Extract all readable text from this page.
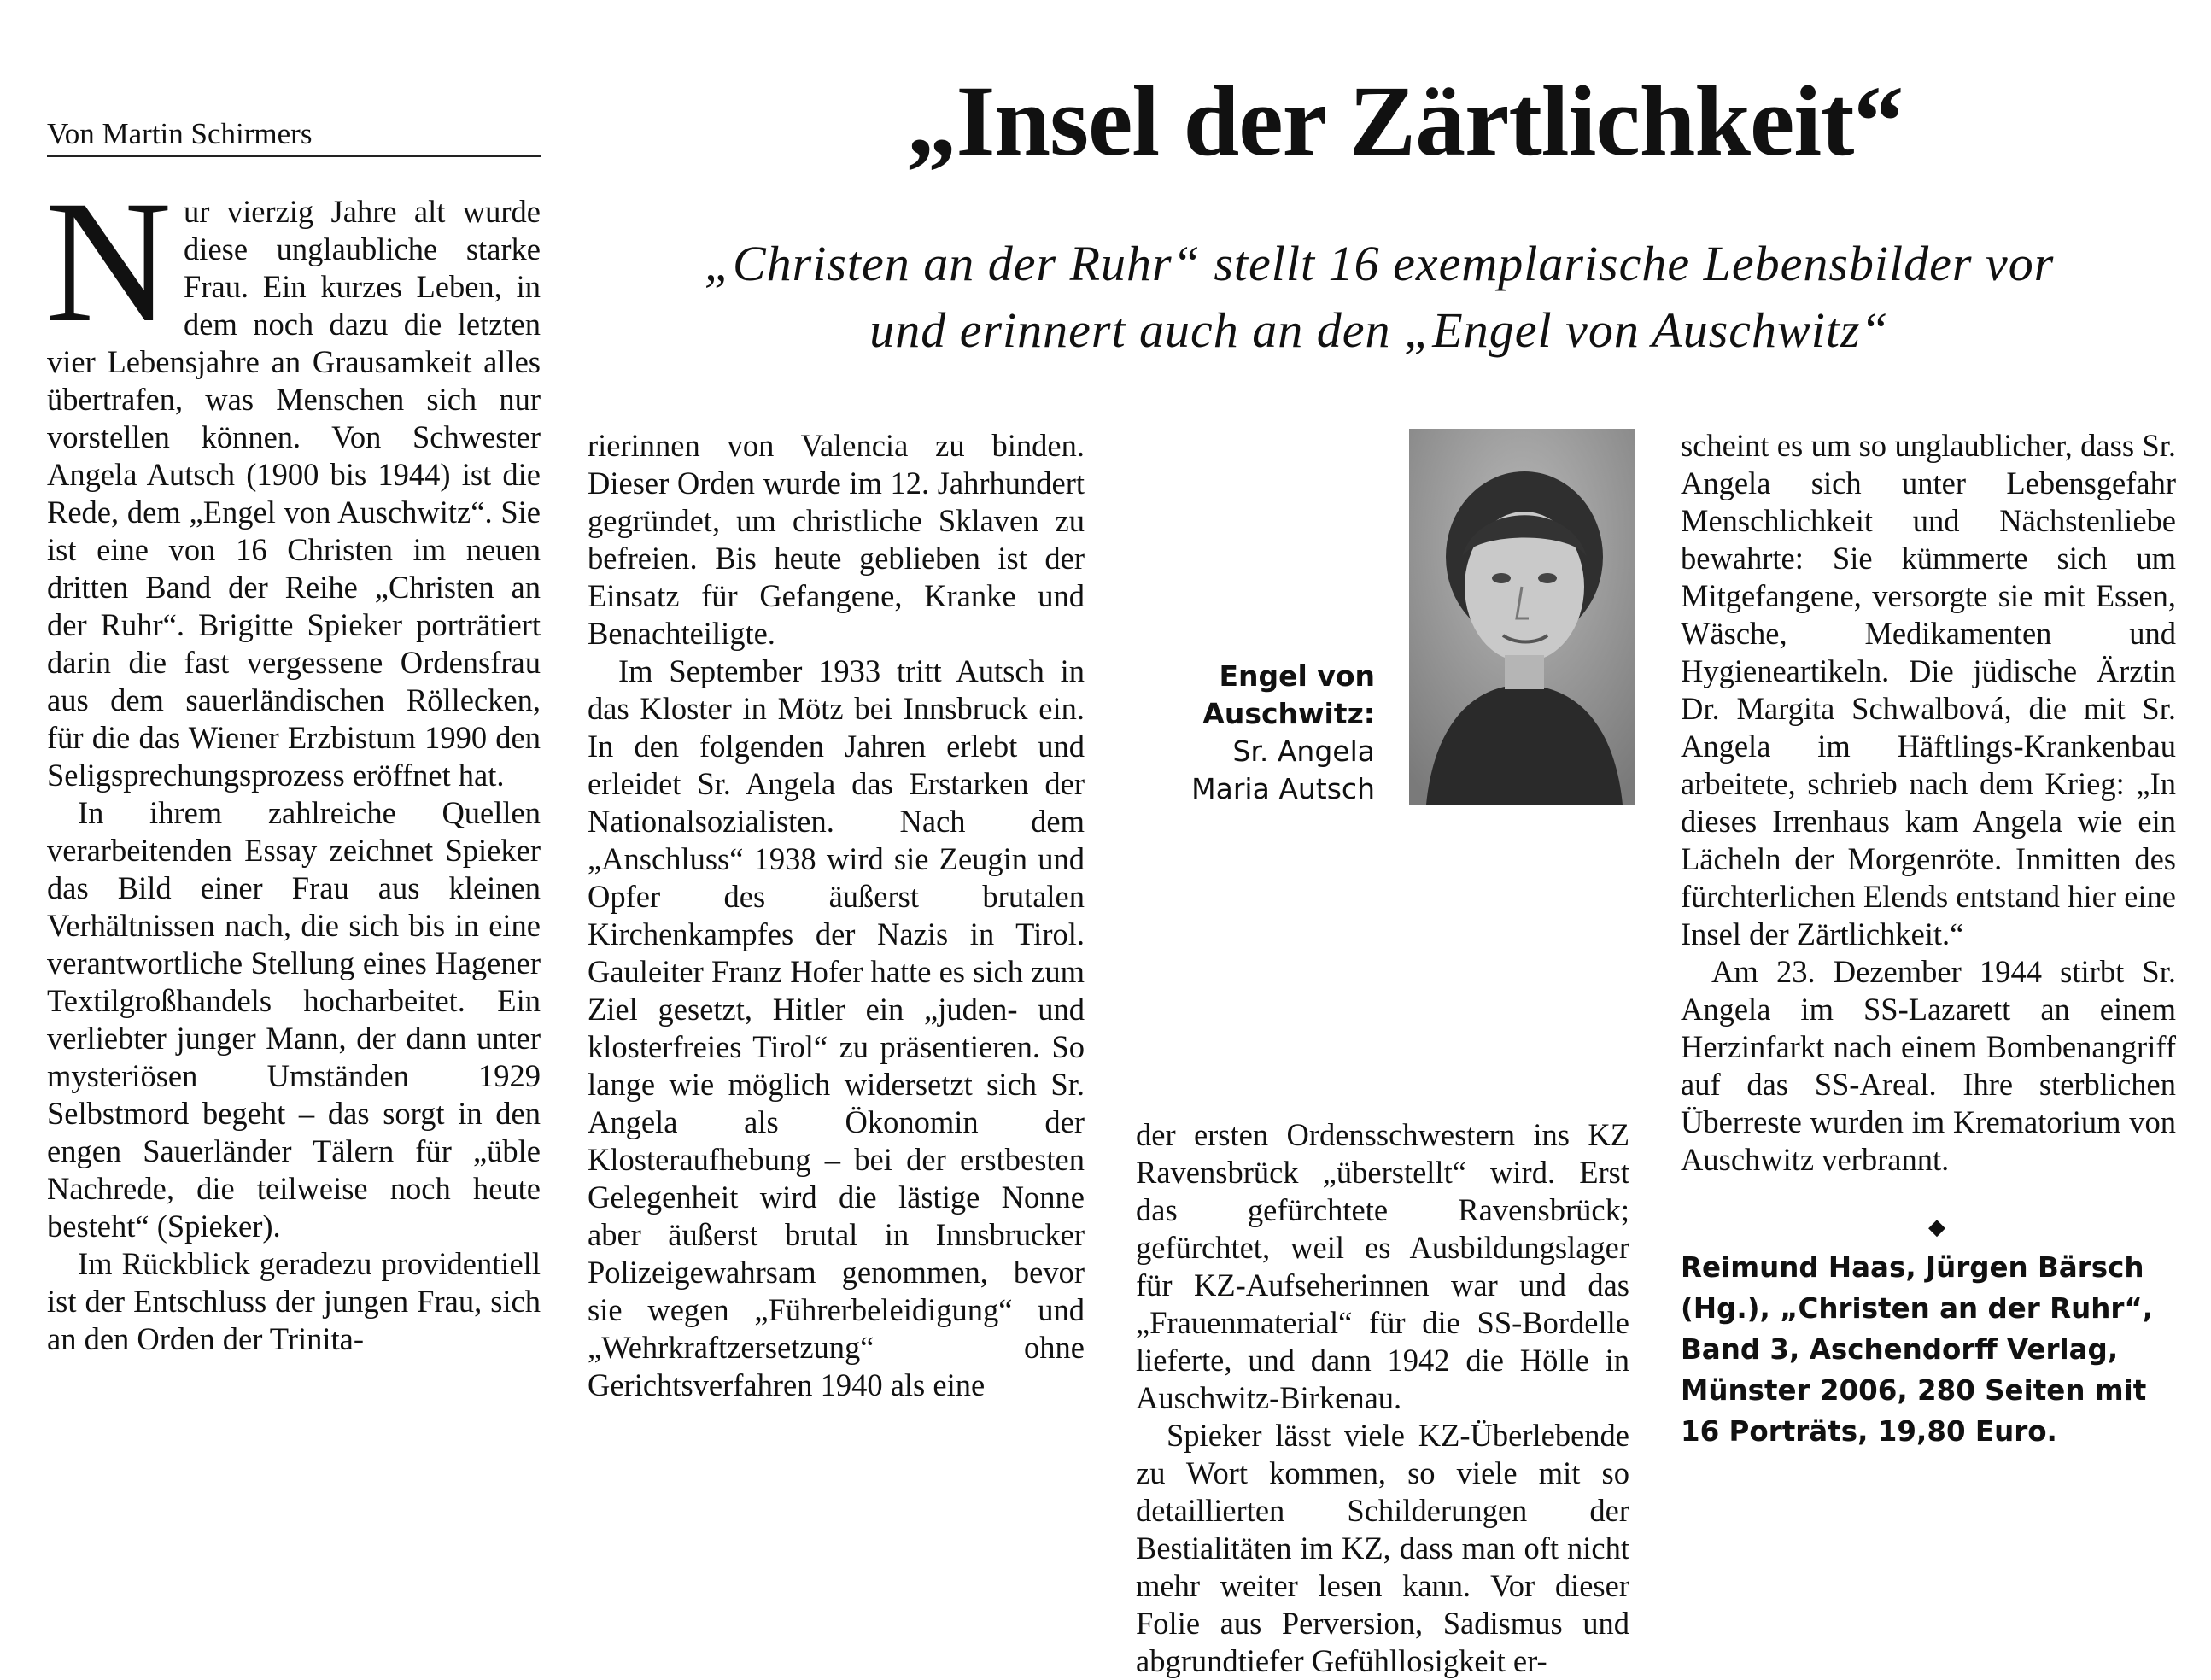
Von Martin Schirmers	„Insel der Zärtlichkeit“
„Christen an der Ruhr“ stellt 16 exemplarische Lebensbilder vor
und erinnert auch an den „Engel von Auschwitz“

Nur vierzig Jahre alt wurde diese unglaubliche starke Frau. Ein kurzes Leben, in dem noch dazu die letzten vier Lebensjahre an Grausamkeit alles übertrafen, was Menschen sich nur vorstellen können. Von Schwester Angela Autsch (1900 bis 1944) ist die Rede, dem „Engel von Auschwitz“. Sie ist eine von 16 Christen im neuen dritten Band der Reihe „Christen an der Ruhr“. Brigitte Spieker porträtiert darin die fast vergessene Ordensfrau aus dem sauerländischen Röllecken, für die das Wiener Erzbistum 1990 den Seligsprechungsprozess eröffnet hat.

In ihrem zahlreiche Quellen verarbeitenden Essay zeichnet Spieker das Bild einer Frau aus kleinen Verhältnissen nach, die sich bis in eine verantwortliche Stellung eines Hagener Textilgroßhandels hocharbeitet. Ein verliebter junger Mann, der dann unter mysteriösen Umständen 1929 Selbstmord begeht – das sorgt in den engen Sauerländer Tälern für „üble Nachrede, die teilweise noch heute besteht“ (Spieker).

Im Rückblick geradezu providentiell ist der Entschluss der jungen Frau, sich an den Orden der Trinita-

rierinnen von Valencia zu binden. Dieser Orden wurde im 12. Jahrhundert gegründet, um christliche Sklaven zu befreien. Bis heute geblieben ist der Einsatz für Gefangene, Kranke und Benachteiligte.

Im September 1933 tritt Autsch in das Kloster in Mötz bei Innsbruck ein. In den folgenden Jahren erlebt und erleidet Sr. Angela das Erstarken der Nationalsozialisten. Nach dem „Anschluss“ 1938 wird sie Zeugin und Opfer des äußerst brutalen Kirchenkampfes der Nazis in Tirol. Gauleiter Franz Hofer hatte es sich zum Ziel gesetzt, Hitler ein „juden- und klosterfreies Tirol“ zu präsentieren. So lange wie möglich widersetzt sich Sr. Angela als Ökonomin der Klosteraufhebung – bei der erstbesten Gelegenheit wird die lästige Nonne aber äußerst brutal in Innsbrucker Polizeigewahrsam genommen, bevor sie wegen „Führerbeleidigung“ und „Wehrkraftzersetzung“ ohne Gerichtsverfahren 1940 als eine

Engel von
Auschwitz:
Sr. Angela
Maria Autsch

der ersten Ordensschwestern ins KZ Ravensbrück „überstellt“ wird. Erst das gefürchtete Ravensbrück; gefürchtet, weil es Ausbildungslager für KZ-Aufseherinnen war und das „Frauenmaterial“ für die SS-Bordelle lieferte, und dann 1942 die Hölle in Auschwitz-Birkenau.

Spieker lässt viele KZ-Überlebende zu Wort kommen, so viele mit so detaillierten Schilderungen der Bestialitäten im KZ, dass man oft nicht mehr weiter lesen kann. Vor dieser Folie aus Perversion, Sadismus und abgrundtiefer Gefühllosigkeit er-

scheint es um so unglaublicher, dass Sr. Angela sich unter Lebensgefahr Menschlichkeit und Nächstenliebe bewahrte: Sie kümmerte sich um Mitgefangene, versorgte sie mit Essen, Wäsche, Medikamenten und Hygieneartikeln. Die jüdische Ärztin Dr. Margita Schwalbová, die mit Sr. Angela im Häftlings-Krankenbau arbeitete, schrieb nach dem Krieg: „In dieses Irrenhaus kam Angela wie ein Lächeln der Morgenröte. Inmitten des fürchterlichen Elends entstand hier eine Insel der Zärtlichkeit.“

Am 23. Dezember 1944 stirbt Sr. Angela im SS-Lazarett an einem Herzinfarkt nach einem Bombenangriff auf das SS-Areal. Ihre sterblichen Überreste wurden im Krematorium von Auschwitz verbrannt.

◆
Reimund Haas, Jürgen Bärsch
(Hg.), „Christen an der Ruhr“,
Band 3, Aschendorff Verlag,
Münster 2006, 280 Seiten mit
16 Porträts, 19,80 Euro.
